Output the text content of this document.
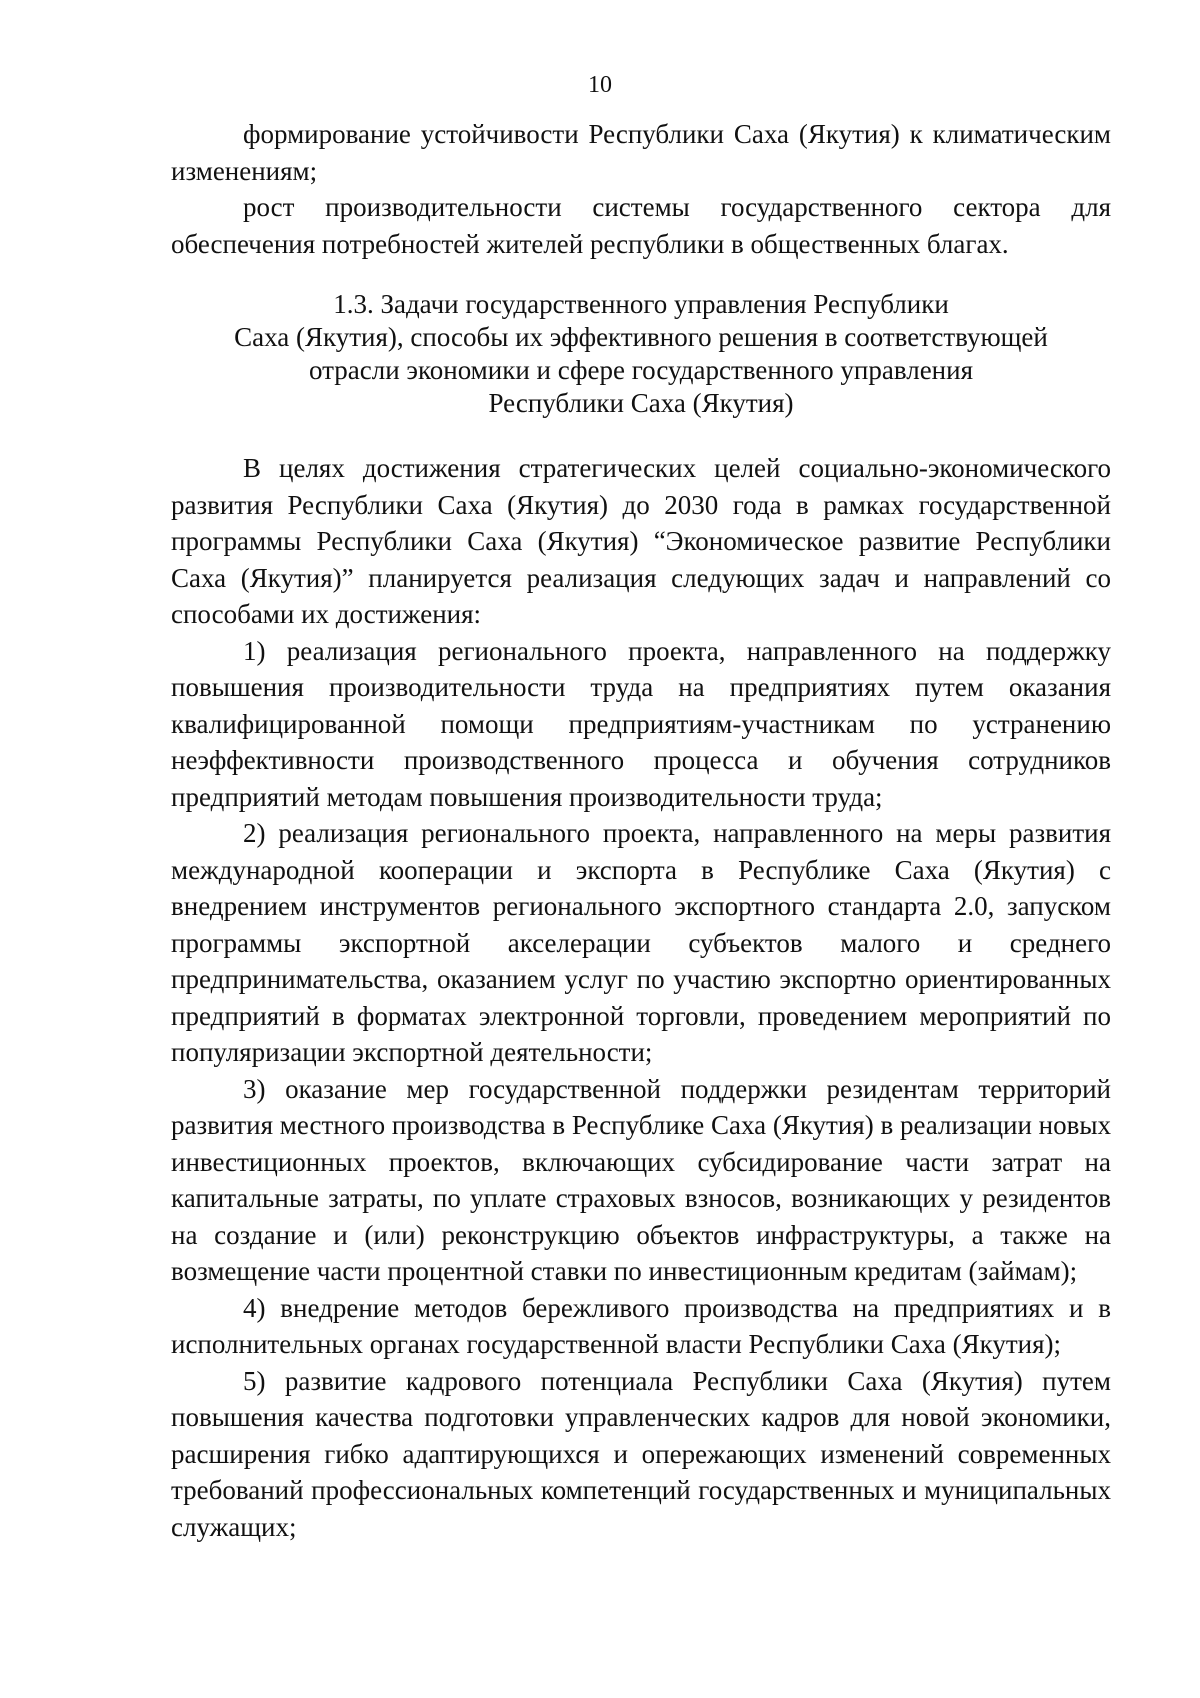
10

формирование устойчивости Республики Саха (Якутия) к климатическим изменениям;

рост производительности системы государственного сектора для обеспечения потребностей жителей республики в общественных благах.

1.3. Задачи государственного управления Республики
Саха (Якутия), способы их эффективного решения в соответствующей
отрасли экономики и сфере государственного управления
Республики Саха (Якутия)

В целях достижения стратегических целей социально-экономического развития Республики Саха (Якутия) до 2030 года в рамках государственной программы Республики Саха (Якутия) “Экономическое развитие Республики Саха (Якутия)” планируется реализация следующих задач и направлений со способами их достижения:

1) реализация регионального проекта, направленного на поддержку повышения производительности труда на предприятиях путем оказания квалифицированной помощи предприятиям-участникам по устранению неэффективности производственного процесса и обучения сотрудников предприятий методам повышения производительности труда;

2) реализация регионального проекта, направленного на меры развития международной кооперации и экспорта в Республике Саха (Якутия) с внедрением инструментов регионального экспортного стандарта 2.0, запуском программы экспортной акселерации субъектов малого и среднего предпринимательства, оказанием услуг по участию экспортно ориентированных предприятий в форматах электронной торговли, проведением мероприятий по популяризации экспортной деятельности;

3) оказание мер государственной поддержки резидентам территорий развития местного производства в Республике Саха (Якутия) в реализации новых инвестиционных проектов, включающих субсидирование части затрат на капитальные затраты, по уплате страховых взносов, возникающих у резидентов на создание и (или) реконструкцию объектов инфраструктуры, а также на возмещение части процентной ставки по инвестиционным кредитам (займам);

4) внедрение методов бережливого производства на предприятиях и в исполнительных органах государственной власти Республики Саха (Якутия);

5) развитие кадрового потенциала Республики Саха (Якутия) путем повышения качества подготовки управленческих кадров для новой экономики, расширения гибко адаптирующихся и опережающих изменений современных требований профессиональных компетенций государственных и муниципальных служащих;
